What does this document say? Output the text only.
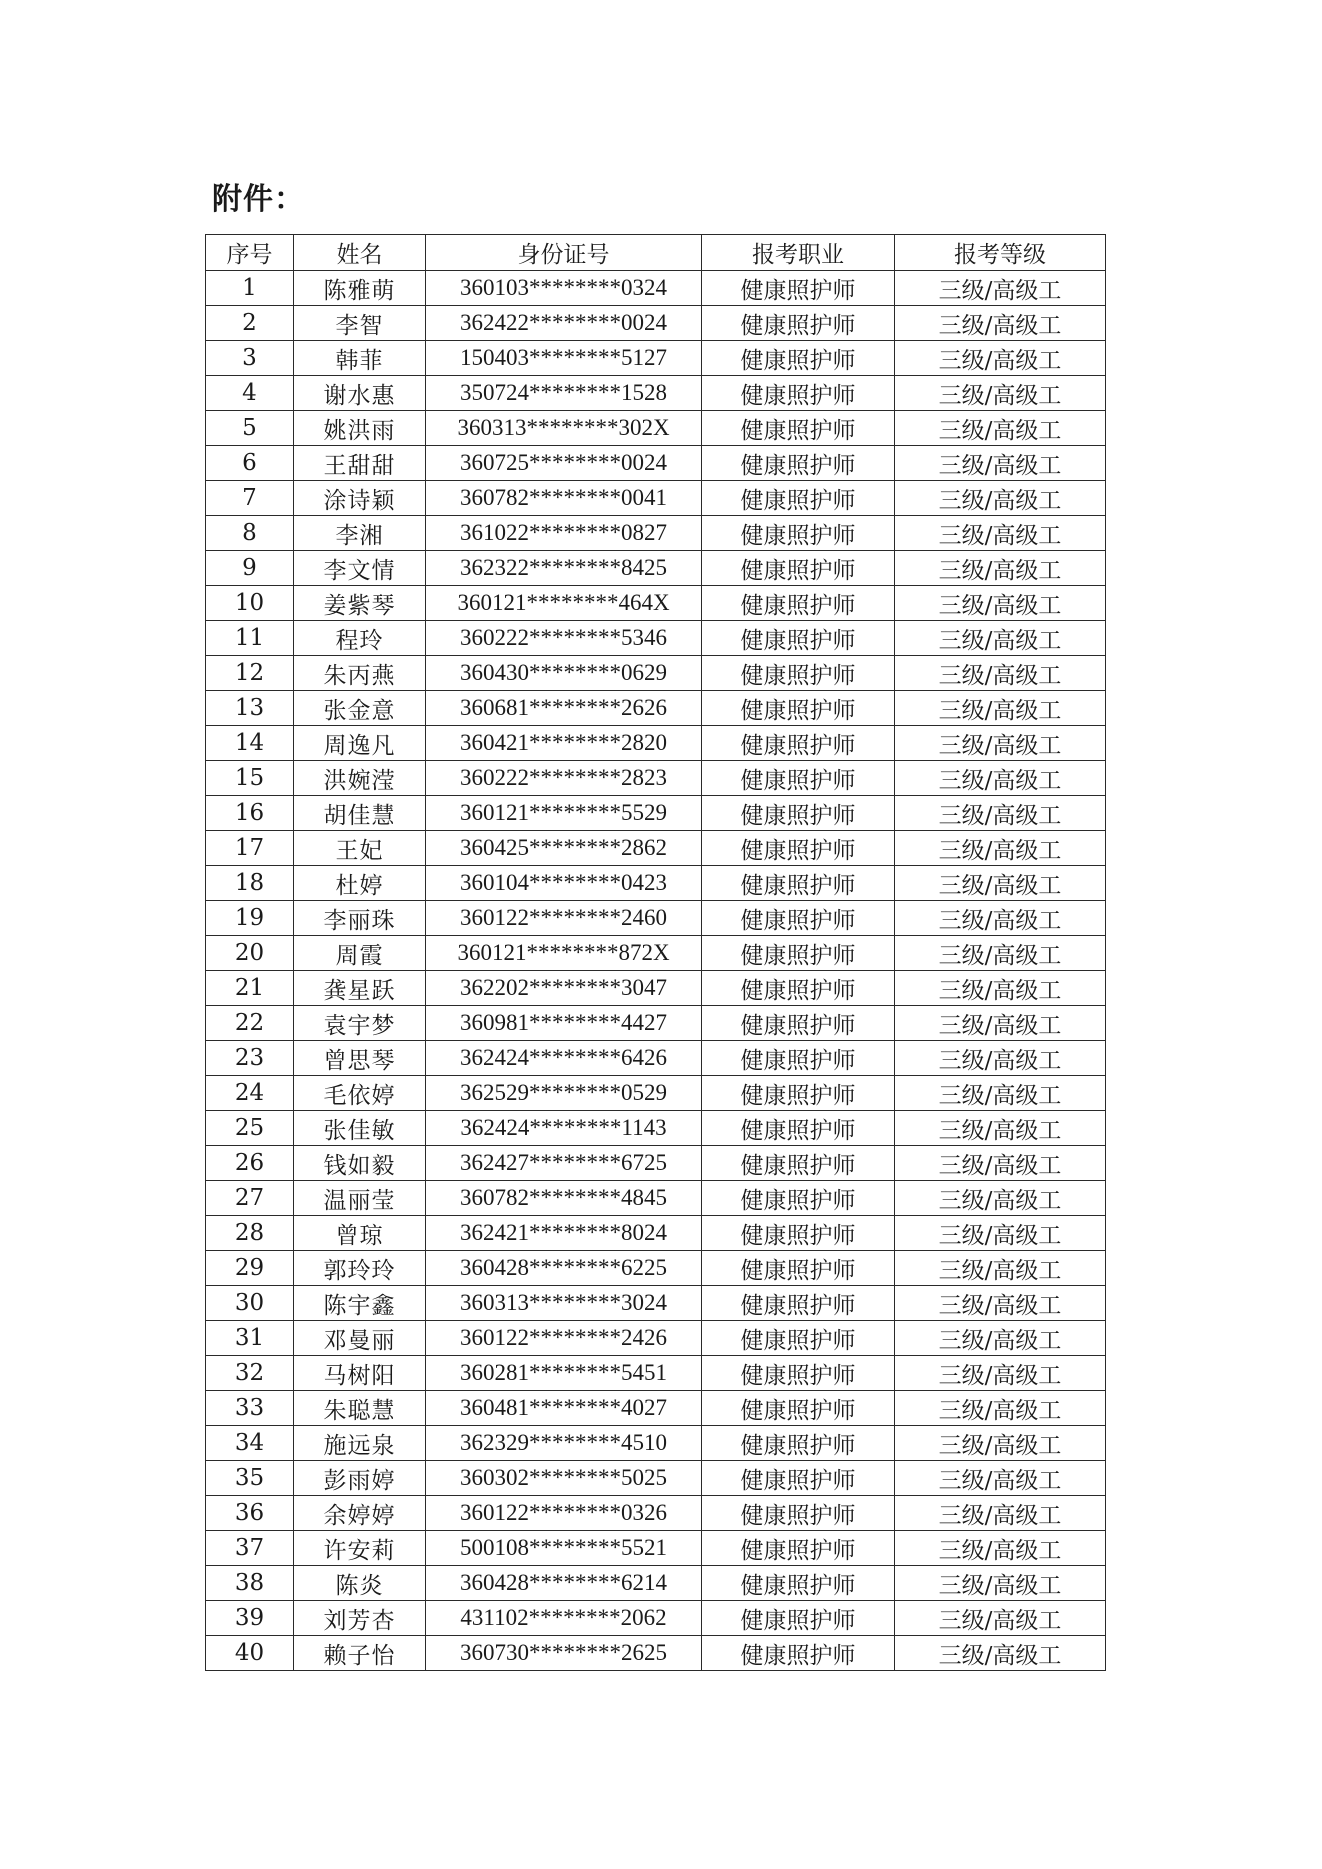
附件：
序号	姓名	身份证号	报考职业	报考等级
1	陈雅萌	360103********0324	健康照护师	三级/高级工
2	李智	362422********0024	健康照护师	三级/高级工
3	韩菲	150403********5127	健康照护师	三级/高级工
4	谢水惠	350724********1528	健康照护师	三级/高级工
5	姚洪雨	360313********302X	健康照护师	三级/高级工
6	王甜甜	360725********0024	健康照护师	三级/高级工
7	涂诗颖	360782********0041	健康照护师	三级/高级工
8	李湘	361022********0827	健康照护师	三级/高级工
9	李文情	362322********8425	健康照护师	三级/高级工
10	姜紫琴	360121********464X	健康照护师	三级/高级工
11	程玲	360222********5346	健康照护师	三级/高级工
12	朱丙燕	360430********0629	健康照护师	三级/高级工
13	张金意	360681********2626	健康照护师	三级/高级工
14	周逸凡	360421********2820	健康照护师	三级/高级工
15	洪婉滢	360222********2823	健康照护师	三级/高级工
16	胡佳慧	360121********5529	健康照护师	三级/高级工
17	王妃	360425********2862	健康照护师	三级/高级工
18	杜婷	360104********0423	健康照护师	三级/高级工
19	李丽珠	360122********2460	健康照护师	三级/高级工
20	周霞	360121********872X	健康照护师	三级/高级工
21	龚星跃	362202********3047	健康照护师	三级/高级工
22	袁宇梦	360981********4427	健康照护师	三级/高级工
23	曾思琴	362424********6426	健康照护师	三级/高级工
24	毛依婷	362529********0529	健康照护师	三级/高级工
25	张佳敏	362424********1143	健康照护师	三级/高级工
26	钱如毅	362427********6725	健康照护师	三级/高级工
27	温丽莹	360782********4845	健康照护师	三级/高级工
28	曾琼	362421********8024	健康照护师	三级/高级工
29	郭玲玲	360428********6225	健康照护师	三级/高级工
30	陈宇鑫	360313********3024	健康照护师	三级/高级工
31	邓曼丽	360122********2426	健康照护师	三级/高级工
32	马树阳	360281********5451	健康照护师	三级/高级工
33	朱聪慧	360481********4027	健康照护师	三级/高级工
34	施远泉	362329********4510	健康照护师	三级/高级工
35	彭雨婷	360302********5025	健康照护师	三级/高级工
36	余婷婷	360122********0326	健康照护师	三级/高级工
37	许安莉	500108********5521	健康照护师	三级/高级工
38	陈炎	360428********6214	健康照护师	三级/高级工
39	刘芳杏	431102********2062	健康照护师	三级/高级工
40	赖子怡	360730********2625	健康照护师	三级/高级工
